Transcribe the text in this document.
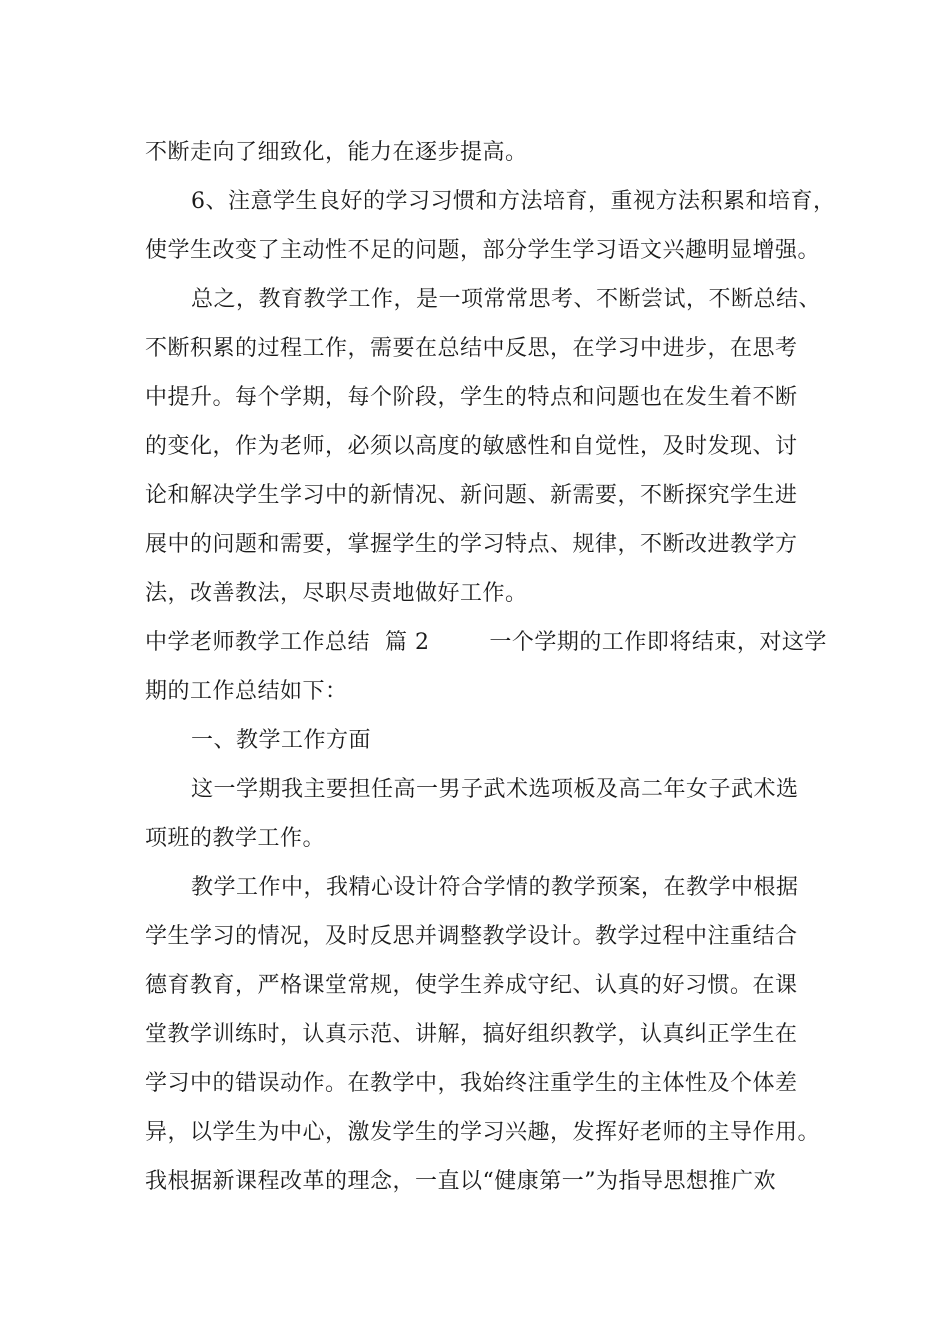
不断走向了细致化，能力在逐步提高。
6、注意学生良好的学习习惯和方法培育，重视方法积累和培育，
使学生改变了主动性不足的问题，部分学生学习语文兴趣明显增强。
总之，教育教学工作，是一项常常思考、不断尝试，不断总结、
不断积累的过程工作，需要在总结中反思，在学习中进步，在思考
中提升。每个学期，每个阶段，学生的特点和问题也在发生着不断
的变化，作为老师，必须以高度的敏感性和自觉性，及时发现、讨
论和解决学生学习中的新情况、新问题、新需要，不断探究学生进
展中的问题和需要，掌握学生的学习特点、规律，不断改进教学方
法，改善教法，尽职尽责地做好工作。
中学老师教学工作总结  篇 2        一个学期的工作即将结束，对这学
期的工作总结如下：
一、教学工作方面
这一学期我主要担任高一男子武术选项板及高二年女子武术选
项班的教学工作。
教学工作中，我精心设计符合学情的教学预案，在教学中根据
学生学习的情况，及时反思并调整教学设计。教学过程中注重结合
德育教育，严格课堂常规，使学生养成守纪、认真的好习惯。在课
堂教学训练时，认真示范、讲解，搞好组织教学，认真纠正学生在
学习中的错误动作。在教学中，我始终注重学生的主体性及个体差
异，以学生为中心，激发学生的学习兴趣，发挥好老师的主导作用。
我根据新课程改革的理念，一直以“健康第一”为指导思想推广欢
